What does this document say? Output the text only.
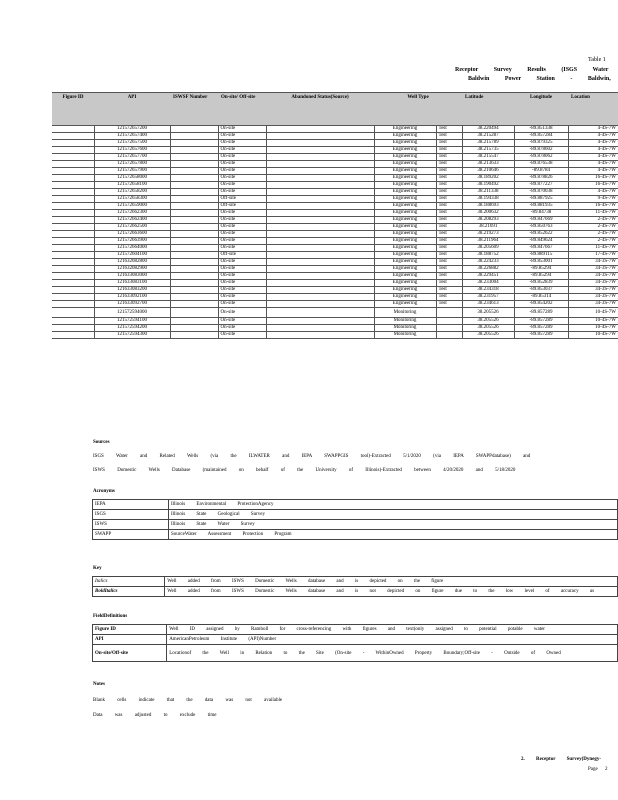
Table 1
Receptor Survey Results (ISGS Water
Baldwin Power Station - Baldwin,
Figure ID	API	ISWSF Number	On-site/ Off-site	Abandoned Status(Source)	Well Type		Latitude	Longitude	Location
	121572657200		On-site		Engineering	Test	38.220494	-89.851338	4-4S-7W
	121572657400		On-site		Engineering	Test	38.215287	-89.857284	4-4S-7W
	121572657500		On-site		Engineering	Test	38.215789	-89.879325	4-4S-7W
	121572657600		On-site		Engineering	Test	38.215735	-89.878602	4-4S-7W
	121572657700		On-site		Engineering	Test	38.215547	-89.878062	4-4S-7W
	121572657800		On-site		Engineering	Test	38.213633	-89.876538	4-4S-7W
	121572657900		On-site		Engineering	Test	38.210646	-89.8784	4-4S-7W
	121572658000		On-site		Engineering	Test	38.189202	-89.878826	16-4S-7W
	121572658100		On-site		Engineering	Test	38.190492	-89.877227	16-4S-7W
	121572658200		On-site		Engineering	Test	38.211338	-89.870038	4-4S-7W
	121572658300		Off-site		Engineering	Test	38.194338	-89.887925	9-4S-7W
	121572659000		Off-site		Engineering	Test	38.188693	-89.881935	16-4S-7W
	121572662300		On-site		Engineering	Test	38.200632	-89.84738	11-4S-7W
	121572662400		On-site		Engineering	Test	38.208293	-89.847669	2-4S-7W
	121572662500		On-site		Engineering	Test	38.21691	-89.850763	2-4S-7W
	121572663600		On-site		Engineering	Test	38.219273	-89.852622	2-4S-7W
	121572663900		On-site		Engineering	Test	38.211964	-89.849624	2-4S-7W
	121572664000		On-site		Engineering	Test	38.205609	-89.847667	11-4S-7W
	121572604100		Off-site		Engineering	Test	38.188752	-89.889115	17-4S-7W
	121632082800		On-site		Engineering	Test	38.224233	-89.853001	34-3S-7W
	121632082900		On-site		Engineering	Test	38.226882	-89.85294	34-3S-7W
	121633083000		On-site		Engineering	Test	38.229451	-89.85294	34-3S-7W
	121633083100		On-site		Engineering	Test	38.233004	-89.852839	34-3S-7W
	121633083200		On-site		Engineering	Test	38.234318	-89.853037	34-3S-7W
	121633092100		On-site		Engineering	Test	38.231957	-89.85314	34-3S-7W
	121633092700		On-site		Engineering	Test	38.234613	-89.854202	34-3S-7W
	121572594000		On-site		Monitoring		38.205526	-89.857289	10-4S-7W
	121572594100		On-site		Monitoring		38.205526	-89.857289	10-4S-7W
	121572594200		On-site		Monitoring		38.205526	-89.857289	10-4S-7W
	121572594300		On-site		Monitoring		38.205526	-89.857289	10-4S-7W
Sources
ISGS Water and Related Wells (via the ILWATER and IEPA SWAPPGIS tool)-Extracted 5/1/2020 (via IEPA SWAPPdatabase) and
ISWS Domestic Wells Database (maintained on behalf of the University of Illinois)-Extracted between 4/20/2020 and 5/18/2020
Acronyms
IEPA	Illinois Environmental ProtectionAgency
ISGS	Illinois State Geological Survey
ISWS	Illinois State Water Survey
SWAPP	SourceWater Assessment Protection Program
Key
Italics	Well added from ISWS Domestic Wells database and is depicted on the figure
BoldItalics	Well added from ISWS Domestic Wells database and is not depicted on figure due to the low level of accuracy as
FieldDefinitions
Figure ID	Well ID assigned by Ramboll for cross-referencing with figures and text(only assigned to potential potable water
API	AmericanPetroleum Institute (API)Number
On-site/Off-site	Locationof the Well in Relation to the Site (On-site - WithinOwned Property Boundary;Off-site - Outside of Owned
Notes
Blank cells indicate that the data was not available
Data was adjusted to exclude time
2. Receptor Survey(Dynegy-
Page 2
